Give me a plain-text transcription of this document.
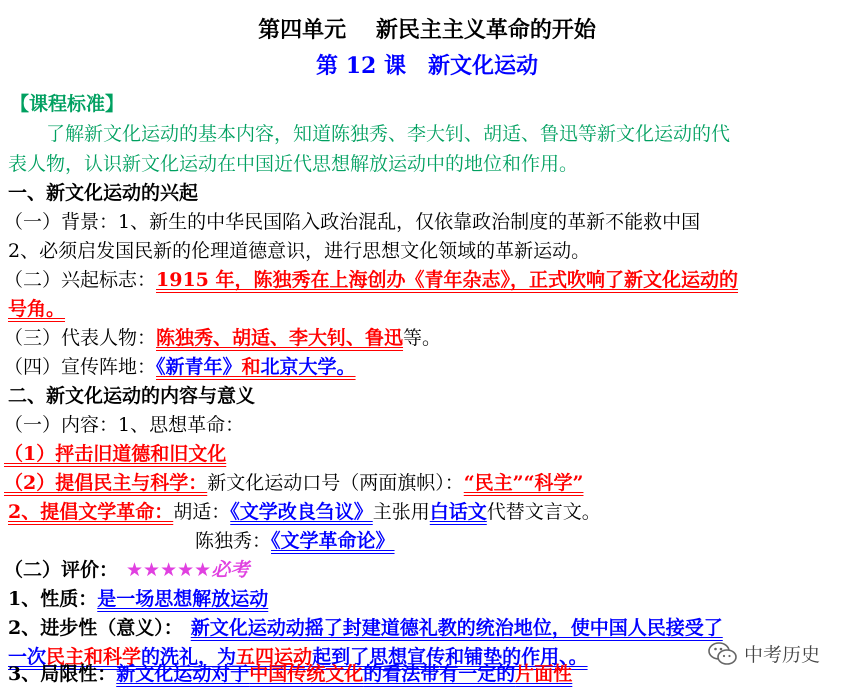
第四单元　 新民主主义革命的开始
第 12 课　新文化运动
【课程标准】
　　了解新文化运动的基本内容，知道陈独秀、李大钊、胡适、鲁迅等新文化运动的代
表人物，认识新文化运动在中国近代思想解放运动中的地位和作用。
一、新文化运动的兴起
（一）背景：1、新生的中华民国陷入政治混乱，仅依靠政治制度的革新不能救中国
2、必须启发国民新的伦理道德意识，进行思想文化领域的革新运动。
（二）兴起标志：1915 年，陈独秀在上海创办《青年杂志》，正式吹响了新文化运动的
号角。
（三）代表人物：陈独秀、胡适、李大钊、鲁迅等。
（四）宣传阵地：《新青年》和北京大学。
二、新文化运动的内容与意义
（一）内容：1、思想革命：
（1）抨击旧道德和旧文化
（2）提倡民主与科学：新文化运动口号（两面旗帜）：“民主”“科学”
2、提倡文学革命：胡适：《文学改良刍议》主张用白话文代替文言文。
陈独秀：《文学革命论》
（二）评价： ★★★★★必考
1、性质：是一场思想解放运动
2、进步性（意义）： 新文化运动动摇了封建道德礼教的统治地位，使中国人民接受了
一次民主和科学的洗礼，为五四运动起到了思想宣传和铺垫的作用、。
3、局限性：新文化运动对于中国传统文化的看法带有一定的片面性
中考历史
